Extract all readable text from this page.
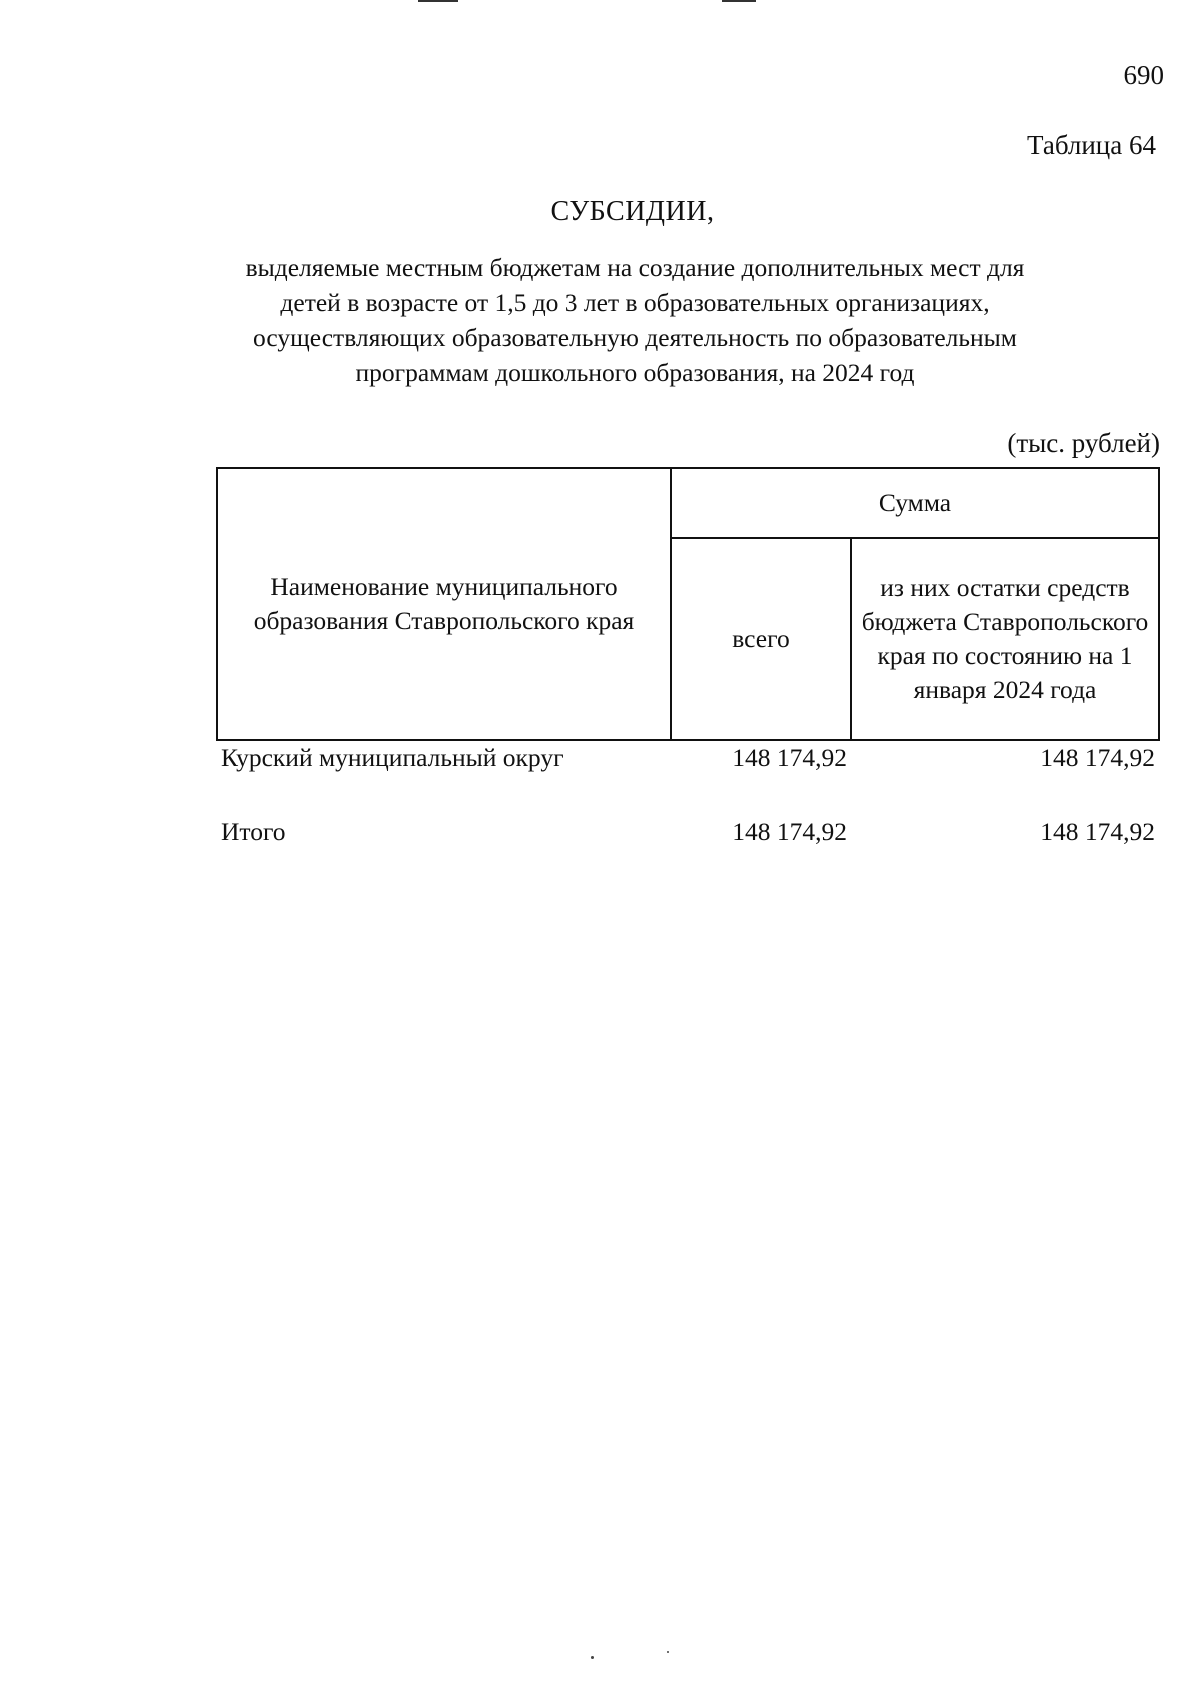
690
Таблица 64
СУБСИДИИ,
выделяемые местным бюджетам на создание дополнительных мест для
детей в возрасте от 1,5 до 3 лет в образовательных организациях,
осуществляющих образовательную деятельность по образовательным
программам дошкольного образования, на 2024 год
(тыс. рублей)
Наименование муниципального образования Ставропольского края	Сумма	
	всего	из них остатки средств бюджета Ставропольского края по состоянию на 1 января 2024 года
Курский муниципальный округ	148 174,92	148 174,92

Итого	148 174,92	148 174,92
